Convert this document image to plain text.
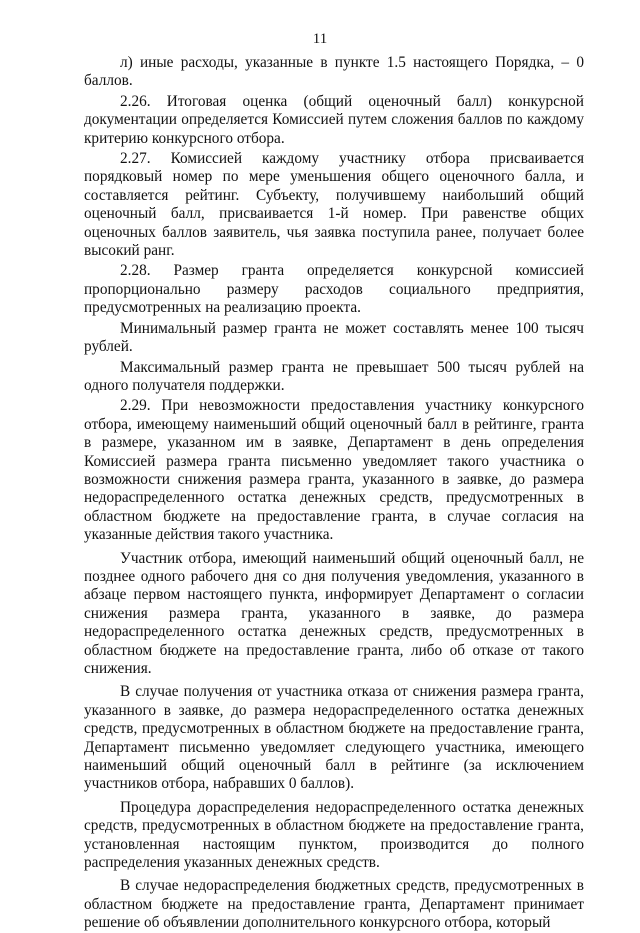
11

л) иные расходы, указанные в пункте 1.5 настоящего Порядка, – 0 баллов.

2.26. Итоговая оценка (общий оценочный балл) конкурсной документации определяется Комиссией путем сложения баллов по каждому критерию конкурсного отбора.

2.27. Комиссией каждому участнику отбора присваивается порядковый номер по мере уменьшения общего оценочного балла, и составляется рейтинг. Субъекту, получившему наибольший общий оценочный балл, присваивается 1-й номер. При равенстве общих оценочных баллов заявитель, чья заявка поступила ранее, получает более высокий ранг.

2.28. Размер гранта определяется конкурсной комиссией пропорционально размеру расходов социального предприятия, предусмотренных на реализацию проекта.

Минимальный размер гранта не может составлять менее 100 тысяч рублей.

Максимальный размер гранта не превышает 500 тысяч рублей на одного получателя поддержки.

2.29. При невозможности предоставления участнику конкурсного отбора, имеющему наименьший общий оценочный балл в рейтинге, гранта в размере, указанном им в заявке, Департамент в день определения Комиссией размера гранта письменно уведомляет такого участника о возможности снижения размера гранта, указанного в заявке, до размера недораспределенного остатка денежных средств, предусмотренных в областном бюджете на предоставление гранта, в случае согласия на указанные действия такого участника.

Участник отбора, имеющий наименьший общий оценочный балл, не позднее одного рабочего дня со дня получения уведомления, указанного в абзаце первом настоящего пункта, информирует Департамент о согласии снижения размера гранта, указанного в заявке, до размера недораспределенного остатка денежных средств, предусмотренных в областном бюджете на предоставление гранта, либо об отказе от такого снижения.

В случае получения от участника отказа от снижения размера гранта, указанного в заявке, до размера недораспределенного остатка денежных средств, предусмотренных в областном бюджете на предоставление гранта, Департамент письменно уведомляет следующего участника, имеющего наименьший общий оценочный балл в рейтинге (за исключением участников отбора, набравших 0 баллов).

Процедура дораспределения недораспределенного остатка денежных средств, предусмотренных в областном бюджете на предоставление гранта, установленная настоящим пунктом, производится до полного распределения указанных денежных средств.

В случае недораспределения бюджетных средств, предусмотренных в областном бюджете на предоставление гранта, Департамент принимает решение об объявлении дополнительного конкурсного отбора, который
